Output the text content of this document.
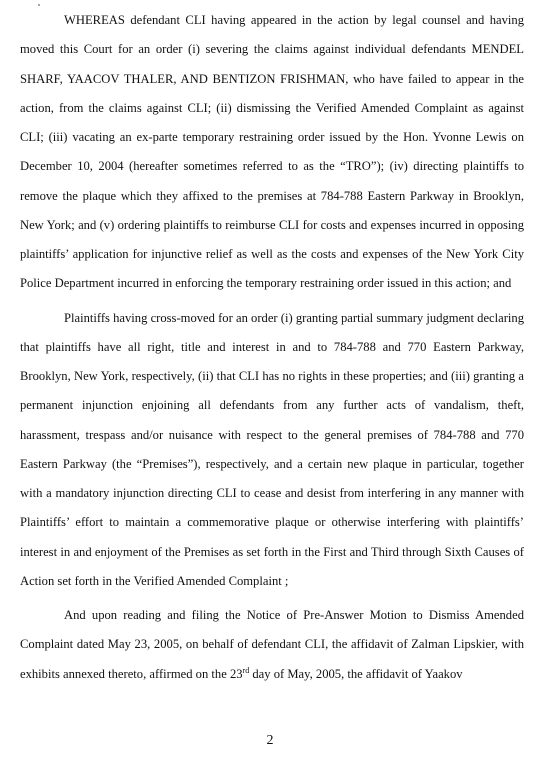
WHEREAS defendant CLI having appeared in the action by legal counsel and having moved this Court for an order (i) severing the claims against individual defendants MENDEL SHARF, YAACOV THALER, AND BENTIZON FRISHMAN, who have failed to appear in the action, from the claims against CLI; (ii) dismissing the Verified Amended Complaint as against CLI; (iii) vacating an ex-parte temporary restraining order issued by the Hon. Yvonne Lewis on December 10, 2004 (hereafter sometimes referred to as the “TRO”); (iv) directing plaintiffs to remove the plaque which they affixed to the premises at 784-788 Eastern Parkway in Brooklyn, New York; and (v) ordering plaintiffs to reimburse CLI for costs and expenses incurred in opposing plaintiffs’ application for injunctive relief as well as the costs and expenses of the New York City Police Department incurred in enforcing the temporary restraining order issued in this action; and

Plaintiffs having cross-moved for an order (i) granting partial summary judgment declaring that plaintiffs have all right, title and interest in and to 784-788 and 770 Eastern Parkway, Brooklyn, New York, respectively, (ii) that CLI has no rights in these properties; and (iii) granting a permanent injunction enjoining all defendants from any further acts of vandalism, theft, harassment, trespass and/or nuisance with respect to the general premises of 784-788 and 770 Eastern Parkway (the “Premises”), respectively, and a certain new plaque in particular, together with a mandatory injunction directing CLI to cease and desist from interfering in any manner with Plaintiffs’ effort to maintain a commemorative plaque or otherwise interfering with plaintiffs’ interest in and enjoyment of the Premises as set forth in the First and Third through Sixth Causes of Action set forth in the Verified Amended Complaint ;

And upon reading and filing the Notice of Pre-Answer Motion to Dismiss Amended Complaint dated May 23, 2005, on behalf of defendant CLI, the affidavit of Zalman Lipskier, with exhibits annexed thereto, affirmed on the 23rd day of May, 2005, the affidavit of Yaakov

2
